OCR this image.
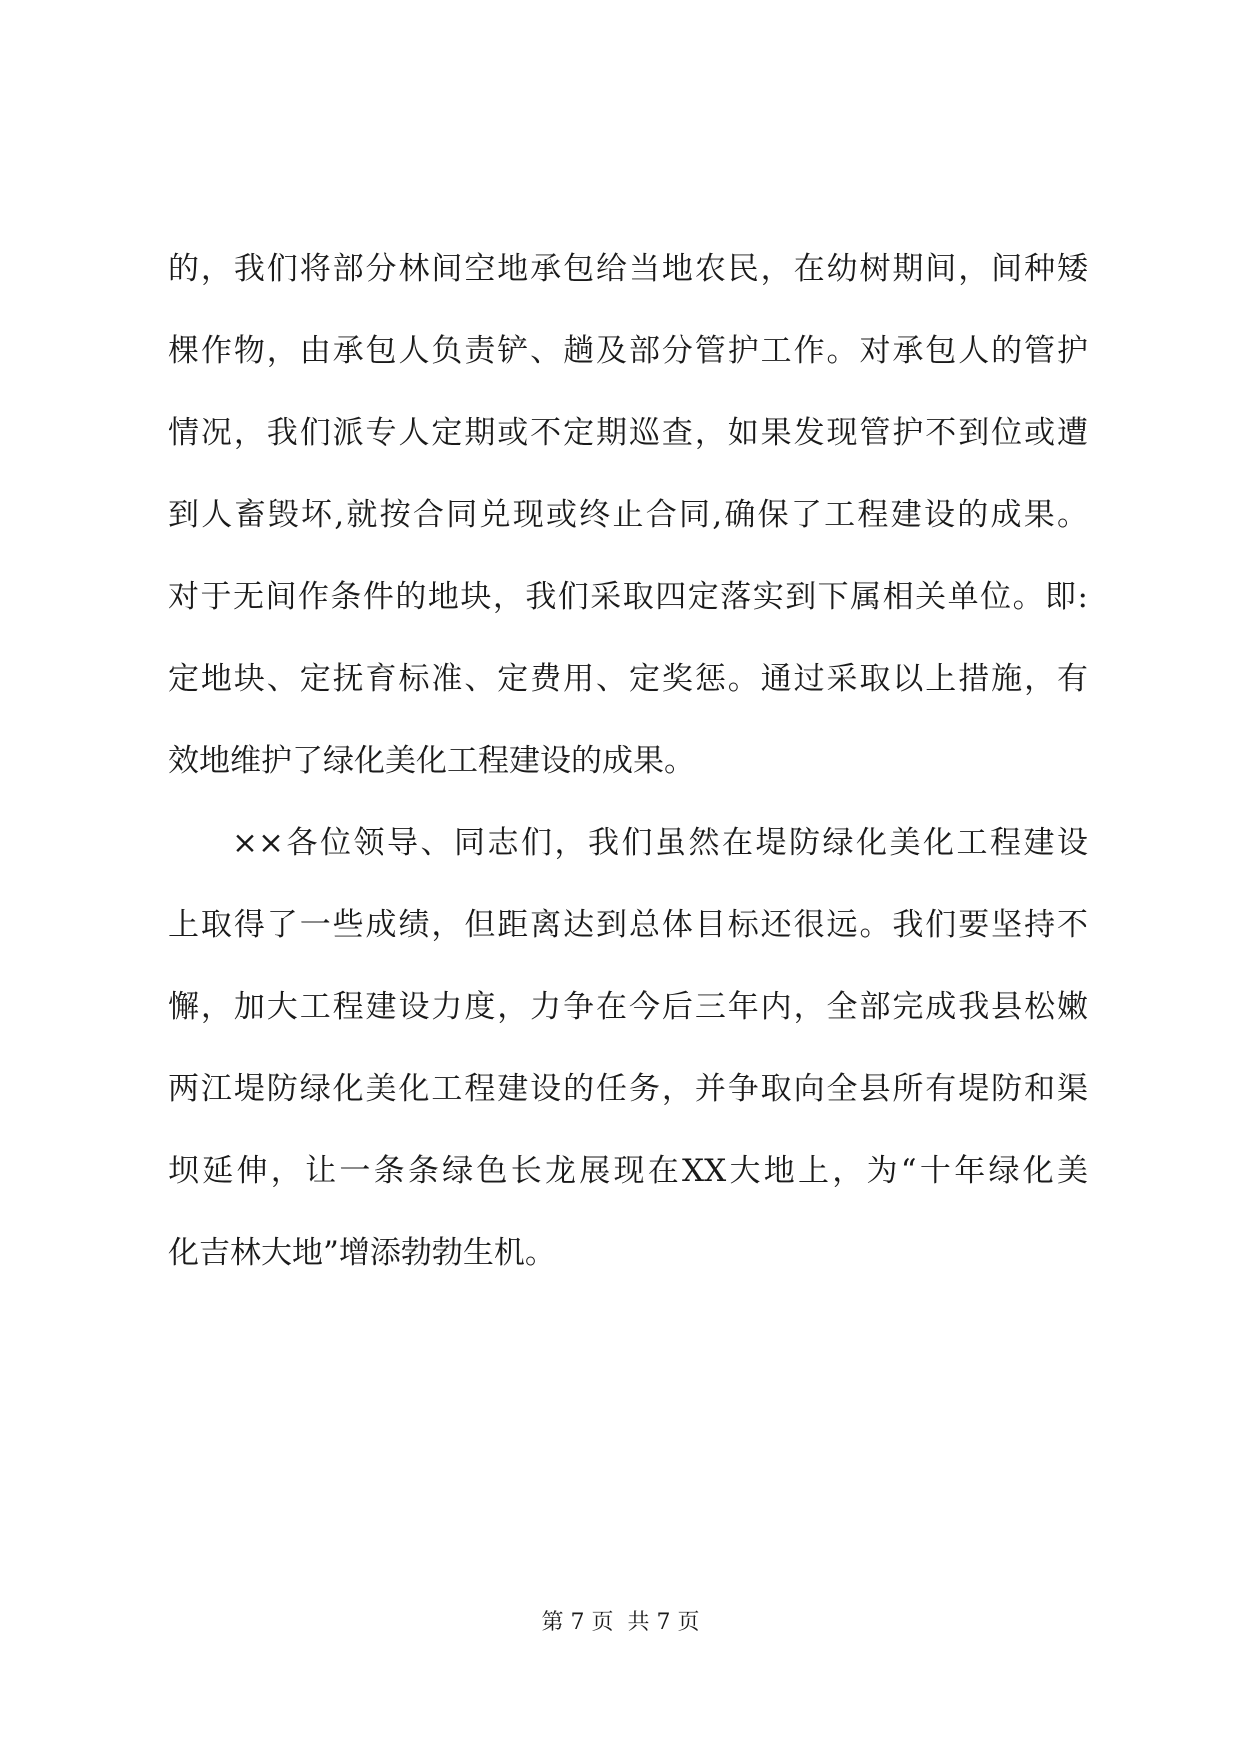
的，我们将部分林间空地承包给当地农民，在幼树期间，间种矮
棵作物，由承包人负责铲、趟及部分管护工作。对承包人的管护
情况，我们派专人定期或不定期巡查，如果发现管护不到位或遭
到人畜毁坏,就按合同兑现或终止合同,确保了工程建设的成果。
对于无间作条件的地块，我们采取四定落实到下属相关单位。即:
定地块、定抚育标准、定费用、定奖惩。通过采取以上措施，有
效地维护了绿化美化工程建设的成果。
××各位领导、同志们，我们虽然在堤防绿化美化工程建设
上取得了一些成绩，但距离达到总体目标还很远。我们要坚持不
懈，加大工程建设力度，力争在今后三年内，全部完成我县松嫩
两江堤防绿化美化工程建设的任务，并争取向全县所有堤防和渠
坝延伸，让一条条绿色长龙展现在XX大地上，为“十年绿化美
化吉林大地”增添勃勃生机。
第 7 页 共 7 页
